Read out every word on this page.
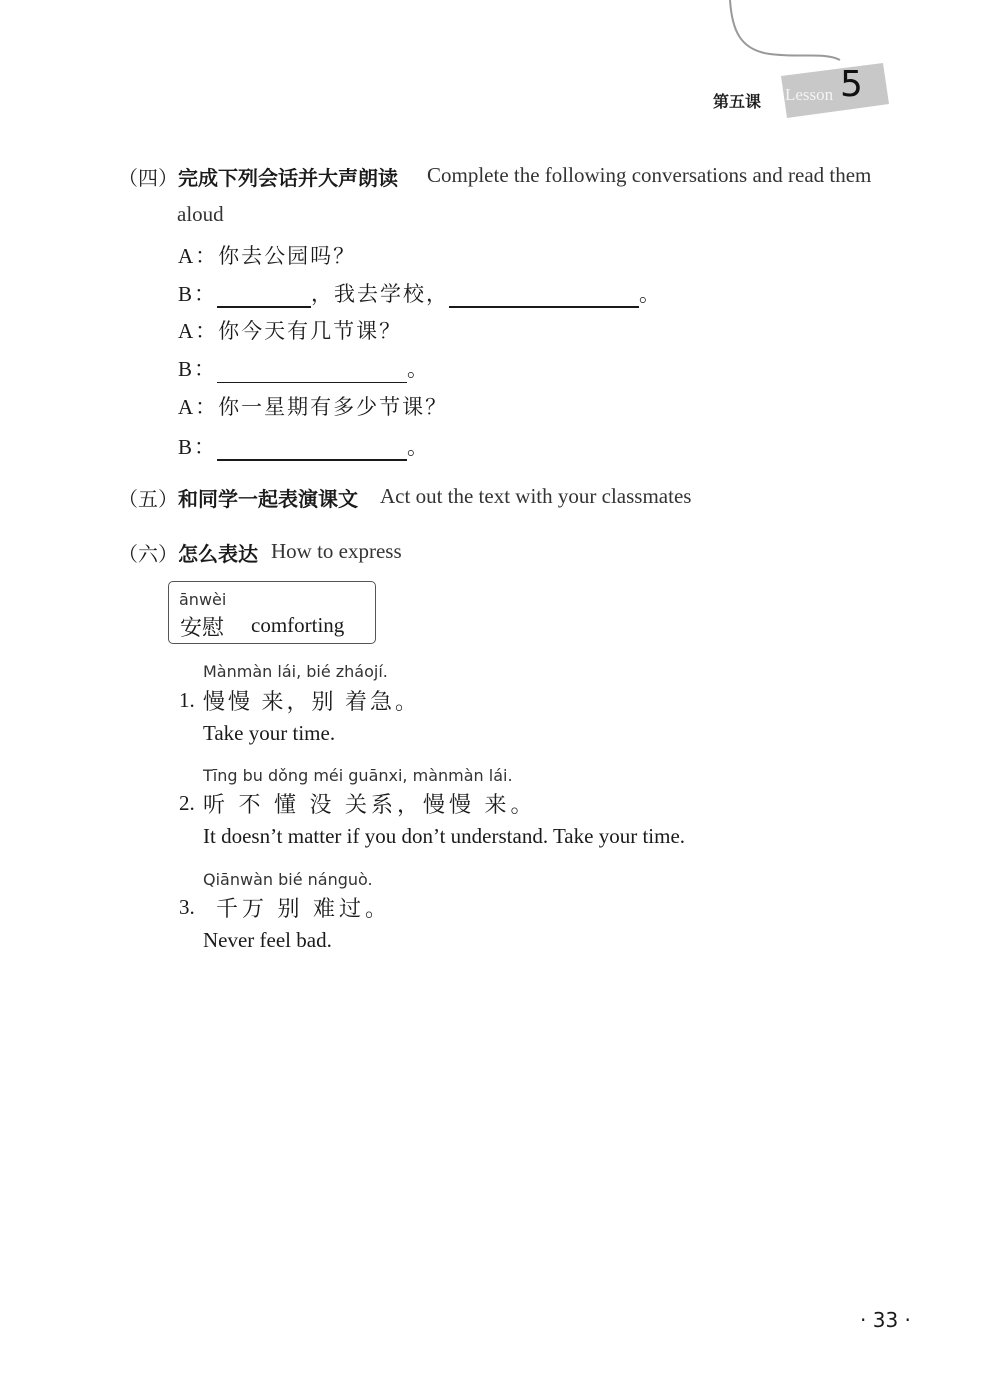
第五课 Lesson 5
（四） 完成下列会话并大声朗读 Complete the following conversations and read them
aloud
A：你去公园吗？
B：	，我去学校，	。
A：你今天有几节课？
B：	。
A：你一星期有多少节课？
B：	。
（五） 和同学一起表演课文 Act out the text with your classmates
（六） 怎么表达 How to express
ānwèi
安慰 comforting
Mànmàn lái, bié zháojí.
1. 慢慢 来，别 着急。
Take your time.
Tīng bu dǒng méi guānxi, mànmàn lái.
2. 听 不 懂 没 关系，慢慢 来。
It doesn’t matter if you don’t understand. Take your time.
Qiānwàn bié nánguò.
3. 千万 别 难过。
Never feel bad.
· 33 ·
